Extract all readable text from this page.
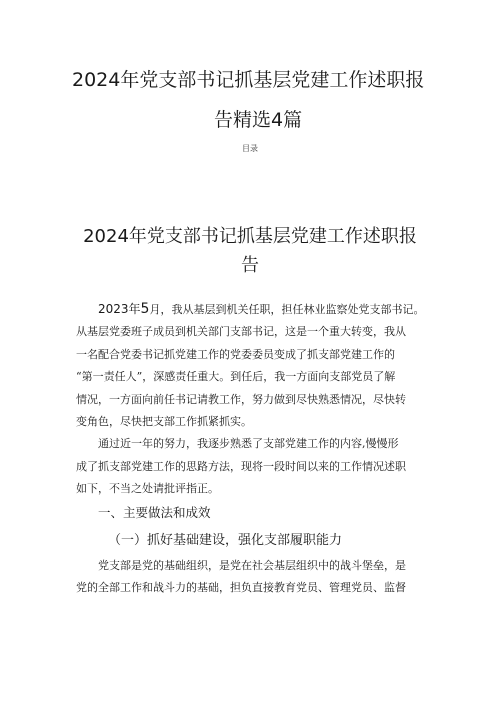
2024年党支部书记抓基层党建工作述职报
告精选4篇
目录
2024年党支部书记抓基层党建工作述职报
告

2023年5月，我从基层到机关任职，担任林业监察处党支部书记。

从基层党委班子成员到机关部门支部书记，这是一个重大转变，我从

一名配合党委书记抓党建工作的党委委员变成了抓支部党建工作的

“第一责任人”，深感责任重大。到任后，我一方面向支部党员了解

情况，一方面向前任书记请教工作，努力做到尽快熟悉情况，尽快转

变角色，尽快把支部工作抓紧抓实。

通过近一年的努力，我逐步熟悉了支部党建工作的内容,慢慢形

成了抓支部党建工作的思路方法，现将一段时间以来的工作情况述职

如下，不当之处请批评指正。

一、主要做法和成效
（一）抓好基础建设，强化支部履职能力

党支部是党的基础组织，是党在社会基层组织中的战斗堡垒，是

党的全部工作和战斗力的基础，担负直接教育党员、管理党员、监督
